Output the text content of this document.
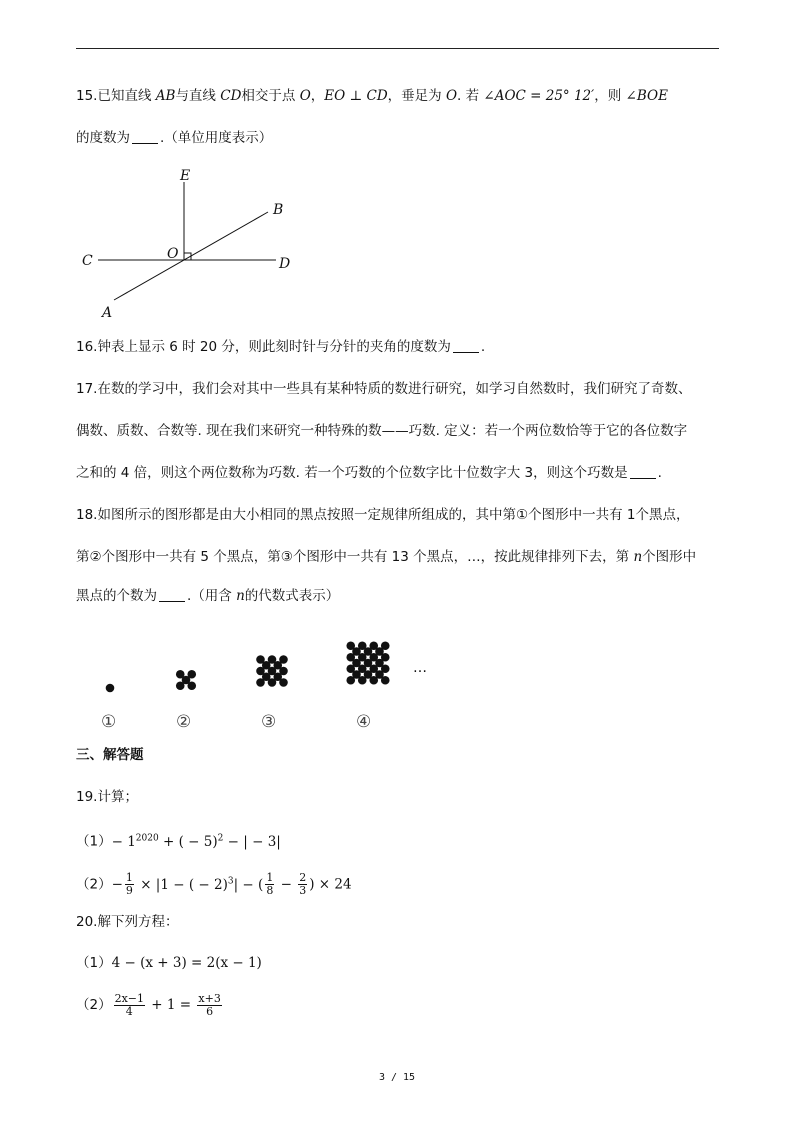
15.已知直线 AB与直线 CD相交于点 O，EO ⊥ CD，垂足为 O. 若 ∠AOC = 25° 12′，则 ∠BOE
的度数为 .（单位用度表示）
E
B
C	O
D
A
16.钟表上显示 6 时 20 分，则此刻时针与分针的夹角的度数为 .
17.在数的学习中，我们会对其中一些具有某种特质的数进行研究，如学习自然数时，我们研究了奇数、
偶数、质数、合数等. 现在我们来研究一种特殊的数——巧数. 定义：若一个两位数恰等于它的各位数字
之和的 4 倍，则这个两位数称为巧数. 若一个巧数的个位数字比十位数字大 3，则这个巧数是 .
18.如图所示的图形都是由大小相同的黑点按照一定规律所组成的，其中第①个图形中一共有 1个黑点，
第②个图形中一共有 5 个黑点，第③个图形中一共有 13 个黑点，…，按此规律排列下去，第 n个图形中
黑点的个数为 .（用含 n的代数式表示）
①	②	③	④
…
三、解答题
19.计算；
$(1)- 1^{2020}$ + ( − 5)$^2$ − | − 3|
$(2)- \frac{1}{9} \times |1$ − ( − 2)$^3$| − ( $\frac{1}{8} - \frac{2}{3}$ ) × 24
20.解下列方程：
（1）4 − (x + 3) = 2(x − 1)
$(2) \frac{2x-1}{4} + 1 = \frac{x+3}{6}$
3 / 15
